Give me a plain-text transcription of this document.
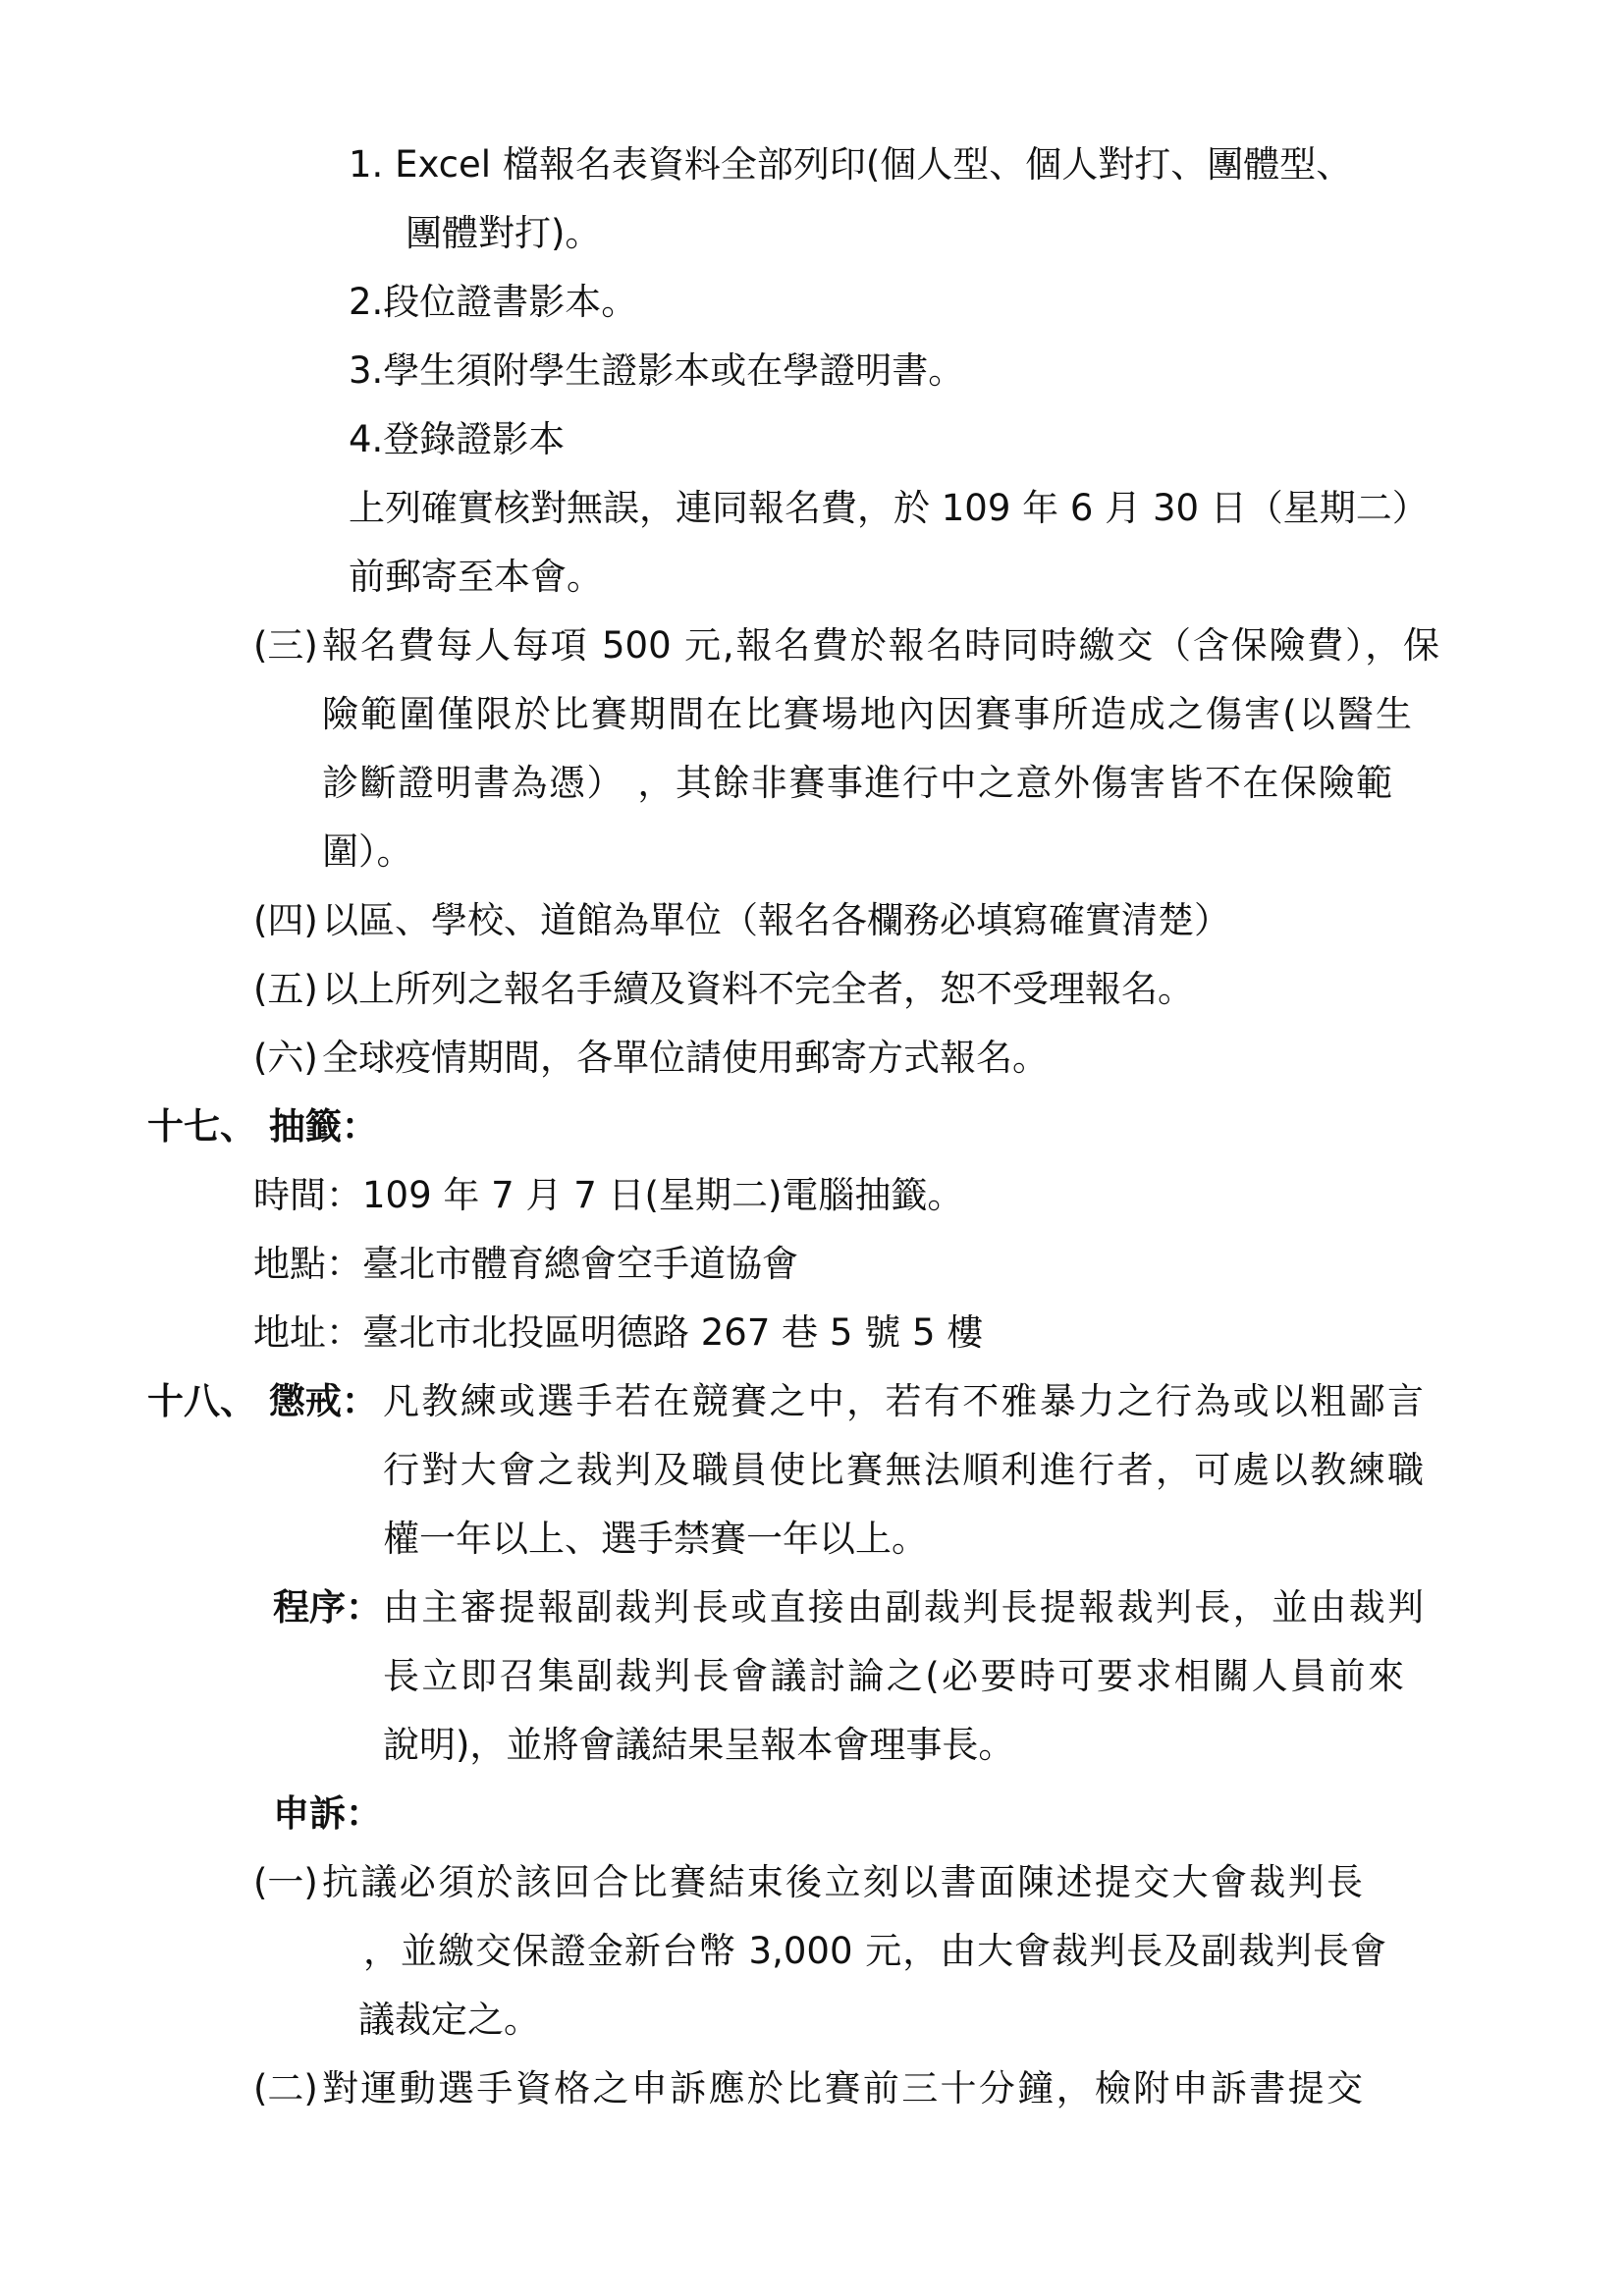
1. Excel 檔報名表資料全部列印(個人型、個人對打、團體型、
團體對打)。
2.段位證書影本。
3.學生須附學生證影本或在學證明書。
4.登錄證影本
上列確實核對無誤，連同報名費，於 109 年 6 月 30 日（星期二）
前郵寄至本會。
(三) 報名費每人每項 500 元,報名費於報名時同時繳交（含保險費），保
險範圍僅限於比賽期間在比賽場地內因賽事所造成之傷害(以醫生
診斷證明書為憑） ，其餘非賽事進行中之意外傷害皆不在保險範
圍）。
(四) 以區、學校、道館為單位（報名各欄務必填寫確實清楚）
(五) 以上所列之報名手續及資料不完全者，恕不受理報名。
(六) 全球疫情期間，各單位請使用郵寄方式報名。
十七、 抽籤：
時間：109 年 7 月 7 日(星期二)電腦抽籤。
地點：臺北市體育總會空手道協會
地址：臺北市北投區明德路 267 巷 5 號 5 樓
十八、 懲戒： 凡教練或選手若在競賽之中，若有不雅暴力之行為或以粗鄙言
行對大會之裁判及職員使比賽無法順利進行者，可處以教練職
權一年以上、選手禁賽一年以上。
程序： 由主審提報副裁判長或直接由副裁判長提報裁判長，並由裁判
長立即召集副裁判長會議討論之(必要時可要求相關人員前來
說明)，並將會議結果呈報本會理事長。
申訴：
(一) 抗議必須於該回合比賽結束後立刻以書面陳述提交大會裁判長
，並繳交保證金新台幣 3,000 元，由大會裁判長及副裁判長會
議裁定之。
(二) 對運動選手資格之申訴應於比賽前三十分鐘，檢附申訴書提交
